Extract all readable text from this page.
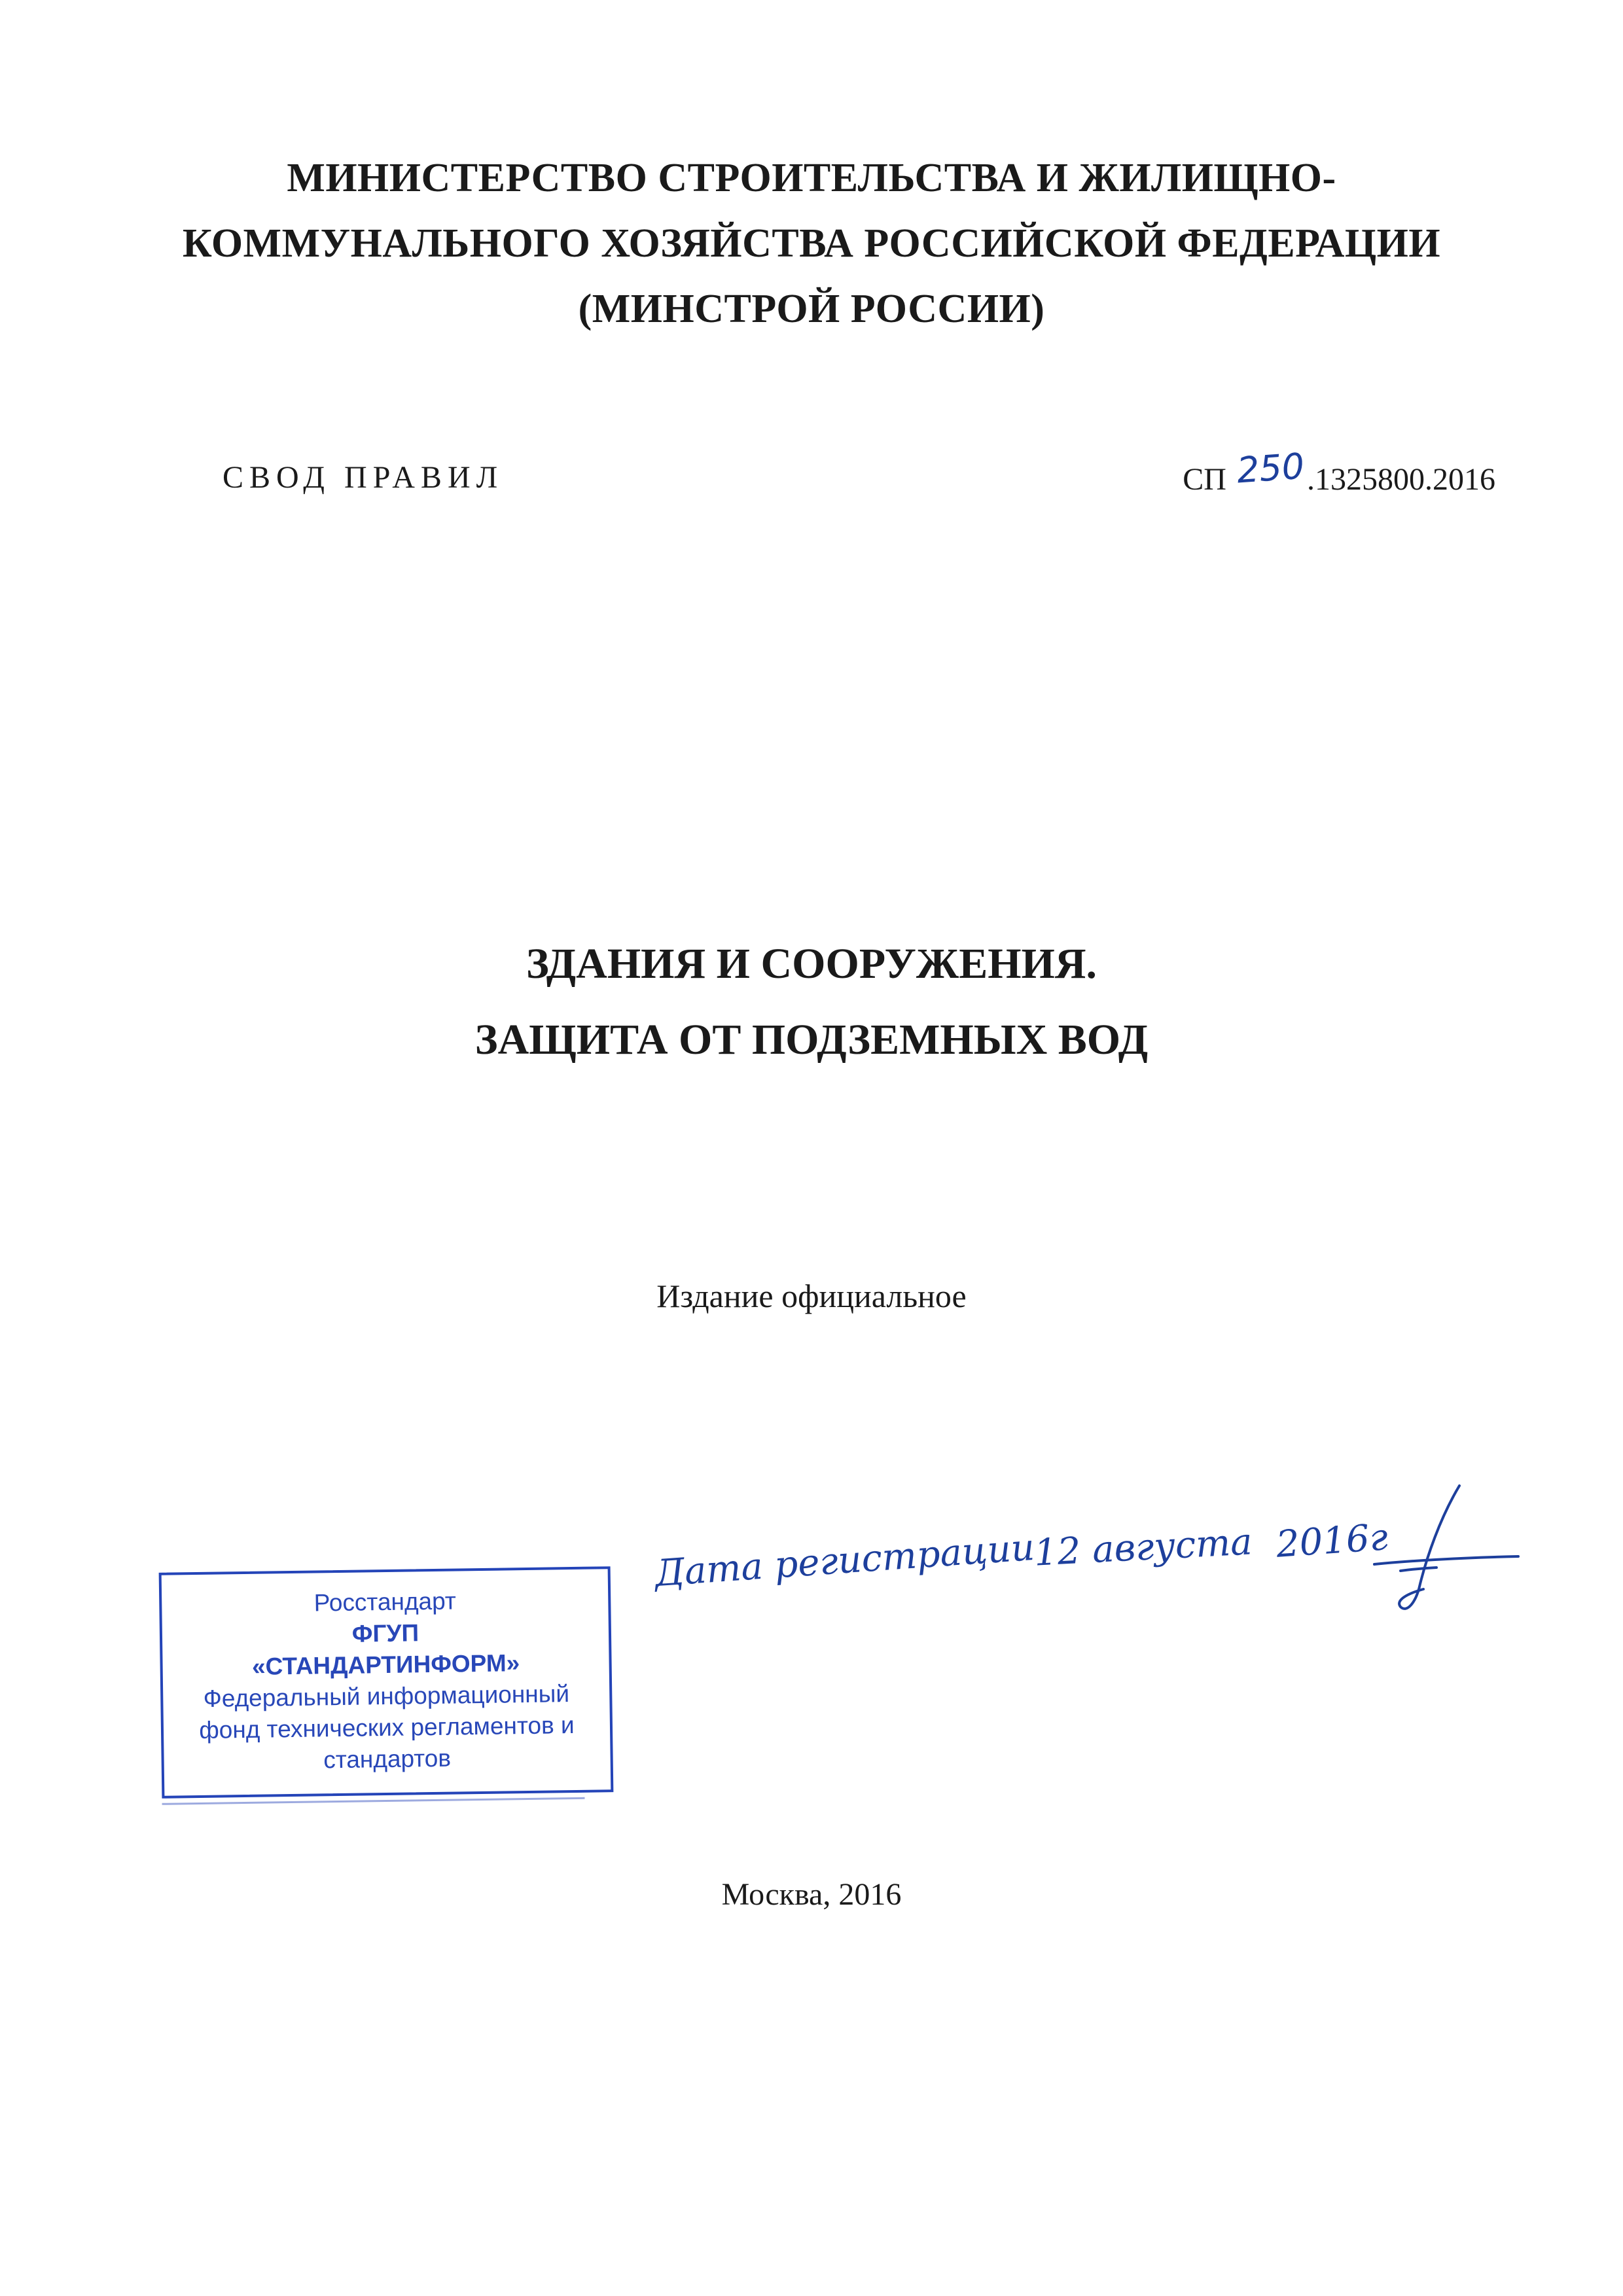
МИНИСТЕРСТВО СТРОИТЕЛЬСТВА И ЖИЛИЩНО-
КОММУНАЛЬНОГО ХОЗЯЙСТВА РОССИЙСКОЙ ФЕДЕРАЦИИ
(МИНСТРОЙ РОССИИ)
СВОД ПРАВИЛ	СП 250.1325800.2016
ЗДАНИЯ И СООРУЖЕНИЯ.
ЗАЩИТА ОТ ПОДЗЕМНЫХ ВОД
Издание официальное
Росстандарт
ФГУП
«СТАНДАРТИНФОРМ»
Федеральный информационный
фонд технических регламентов и
стандартов
Дата регистрации
12 августа 2016г
Москва, 2016
